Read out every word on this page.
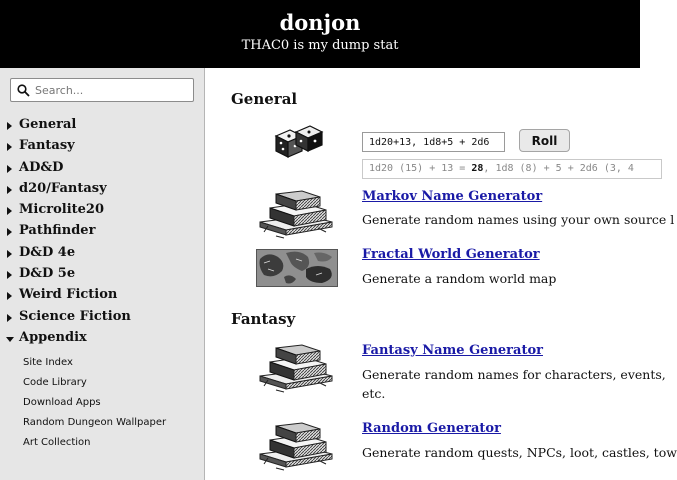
donjon
THAC0 is my dump stat
Search...
General
Fantasy
AD&D
d20/Fantasy
Microlite20
Pathfinder
D&D 4e
D&D 5e
Weird Fiction
Science Fiction
Appendix
Site Index
Code Library
Download Apps
Random Dungeon Wallpaper
Art Collection
General
1d20+13, 1d8+5 + 2d6
Roll
1d20 (15) + 13 = 28, 1d8 (8) + 5 + 2d6 (3, 4
Markov Name Generator
Generate random names using your own source l
Fractal World Generator
Generate a random world map
Fantasy
Fantasy Name Generator
Generate random names for characters, events,
etc.
Random Generator
Generate random quests, NPCs, loot, castles, tow
